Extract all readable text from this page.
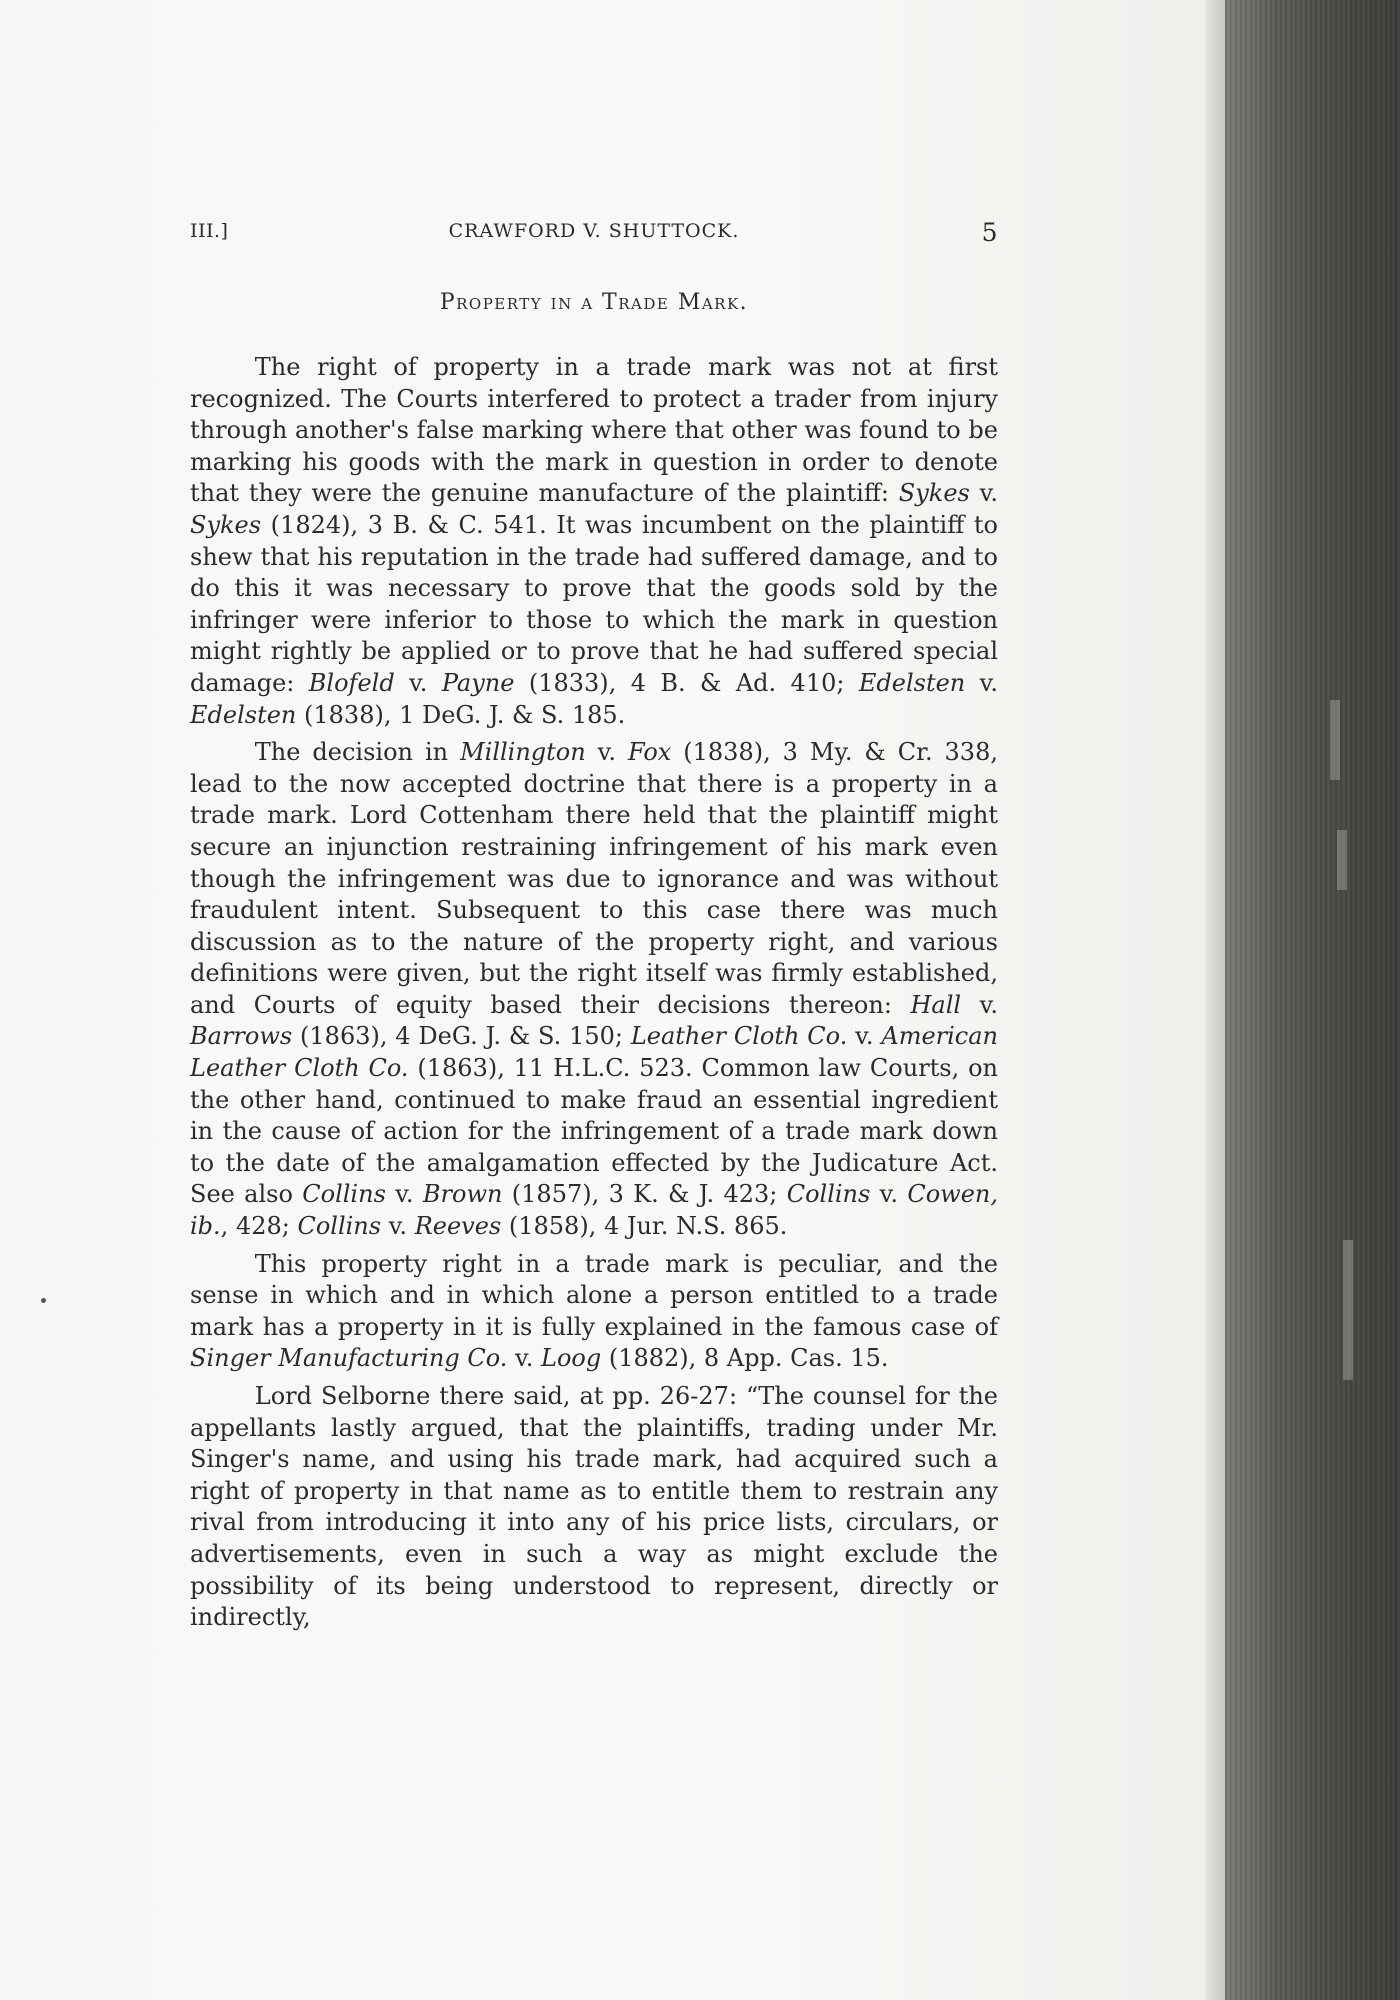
III.]	CRAWFORD V. SHUTTOCK.	5
Property in a Trade Mark.

The right of property in a trade mark was not at first recognized. The Courts interfered to protect a trader from injury through another's false marking where that other was found to be marking his goods with the mark in question in order to denote that they were the genuine manufacture of the plaintiff: Sykes v. Sykes (1824), 3 B. & C. 541. It was incumbent on the plaintiff to shew that his reputation in the trade had suffered damage, and to do this it was necessary to prove that the goods sold by the infringer were inferior to those to which the mark in question might rightly be applied or to prove that he had suffered special damage: Blofeld v. Payne (1833), 4 B. & Ad. 410; Edelsten v. Edelsten (1838), 1 DeG. J. & S. 185.

The decision in Millington v. Fox (1838), 3 My. & Cr. 338, lead to the now accepted doctrine that there is a property in a trade mark. Lord Cottenham there held that the plaintiff might secure an injunction restraining infringement of his mark even though the infringement was due to ignorance and was without fraudulent intent. Subsequent to this case there was much discussion as to the nature of the property right, and various definitions were given, but the right itself was firmly established, and Courts of equity based their decisions thereon: Hall v. Barrows (1863), 4 DeG. J. & S. 150; Leather Cloth Co. v. American Leather Cloth Co. (1863), 11 H.L.C. 523. Common law Courts, on the other hand, continued to make fraud an essential ingredient in the cause of action for the infringement of a trade mark down to the date of the amalgamation effected by the Judicature Act. See also Collins v. Brown (1857), 3 K. & J. 423; Collins v. Cowen, ib., 428; Collins v. Reeves (1858), 4 Jur. N.S. 865.

This property right in a trade mark is peculiar, and the sense in which and in which alone a person entitled to a trade mark has a property in it is fully explained in the famous case of Singer Manufacturing Co. v. Loog (1882), 8 App. Cas. 15.

Lord Selborne there said, at pp. 26-27: “The counsel for the appellants lastly argued, that the plaintiffs, trading under Mr. Singer's name, and using his trade mark, had acquired such a right of property in that name as to entitle them to restrain any rival from introducing it into any of his price lists, circulars, or advertisements, even in such a way as might exclude the possibility of its being understood to represent, directly or indirectly,
